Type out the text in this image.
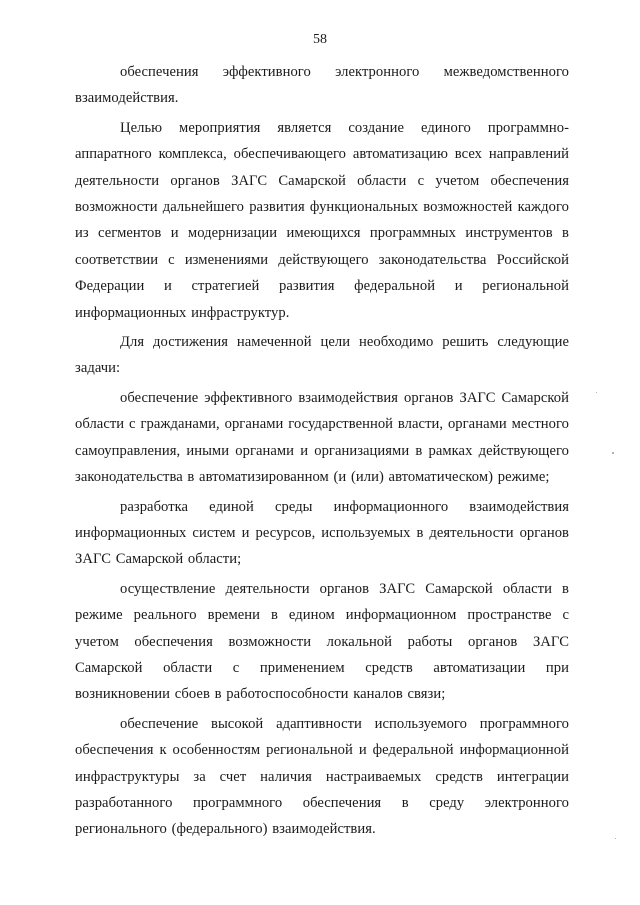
58

обеспечения эффективного электронного межведомственного взаимодействия.

Целью мероприятия является создание единого программно-аппаратного комплекса, обеспечивающего автоматизацию всех направлений деятельности органов ЗАГС Самарской области с учетом обеспечения возможности дальнейшего развития функциональных возможностей каждого из сегментов и модернизации имеющихся программных инструментов в соответствии с изменениями действующего законодательства Российской Федерации и стратегией развития федеральной и региональной информационных инфраструктур.

Для достижения намеченной цели необходимо решить следующие задачи:

обеспечение эффективного взаимодействия органов ЗАГС Самарской области с гражданами, органами государственной власти, органами местного самоуправления, иными органами и организациями в рамках действующего законодательства в автоматизированном (и (или) автоматическом) режиме;

разработка единой среды информационного взаимодействия информационных систем и ресурсов, используемых в деятельности органов ЗАГС Самарской области;

осуществление деятельности органов ЗАГС Самарской области в режиме реального времени в едином информационном пространстве с учетом обеспечения возможности локальной работы органов ЗАГС Самарской области с применением средств автоматизации при возникновении сбоев в работоспособности каналов связи;

обеспечение высокой адаптивности используемого программного обеспечения к особенностям региональной и федеральной информационной инфраструктуры за счет наличия настраиваемых средств интеграции разработанного программного обеспечения в среду электронного регионального (федерального) взаимодействия.
